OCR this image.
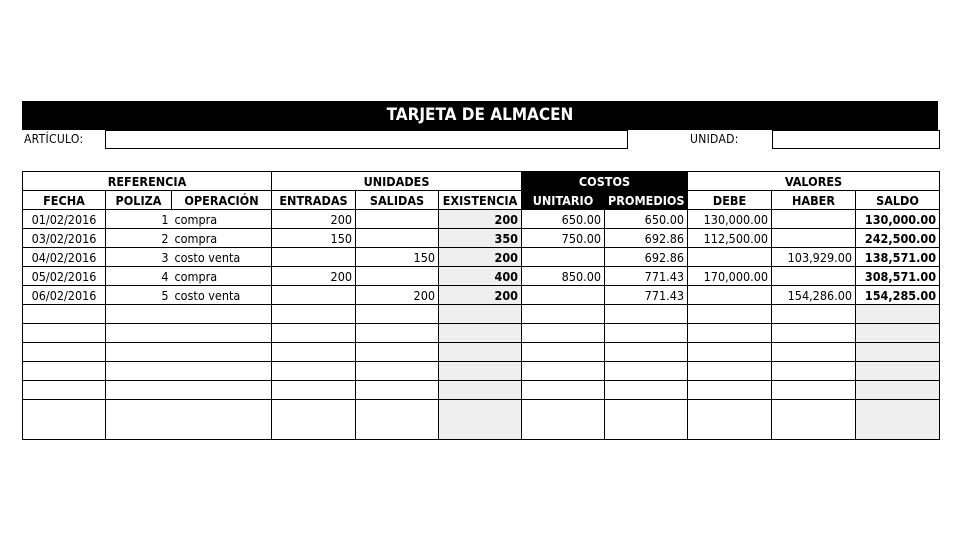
TARJETA DE ALMACEN
ARTÍCULO:	UNIDAD:
REFERENCIA			UNIDADES			COSTOS		VALORES		
FECHA	POLIZA	OPERACIÓN	ENTRADAS	SALIDAS	EXISTENCIA	UNITARIO	PROMEDIOS	DEBE	HABER	SALDO
01/02/2016	1	compra	200		200	650.00	650.00	130,000.00		130,000.00
03/02/2016	2	compra	150		350	750.00	692.86	112,500.00		242,500.00
04/02/2016	3	costo venta		150	200		692.86		103,929.00	138,571.00
05/02/2016	4	compra	200		400	850.00	771.43	170,000.00		308,571.00
06/02/2016	5	costo venta		200	200		771.43		154,286.00	154,285.00
